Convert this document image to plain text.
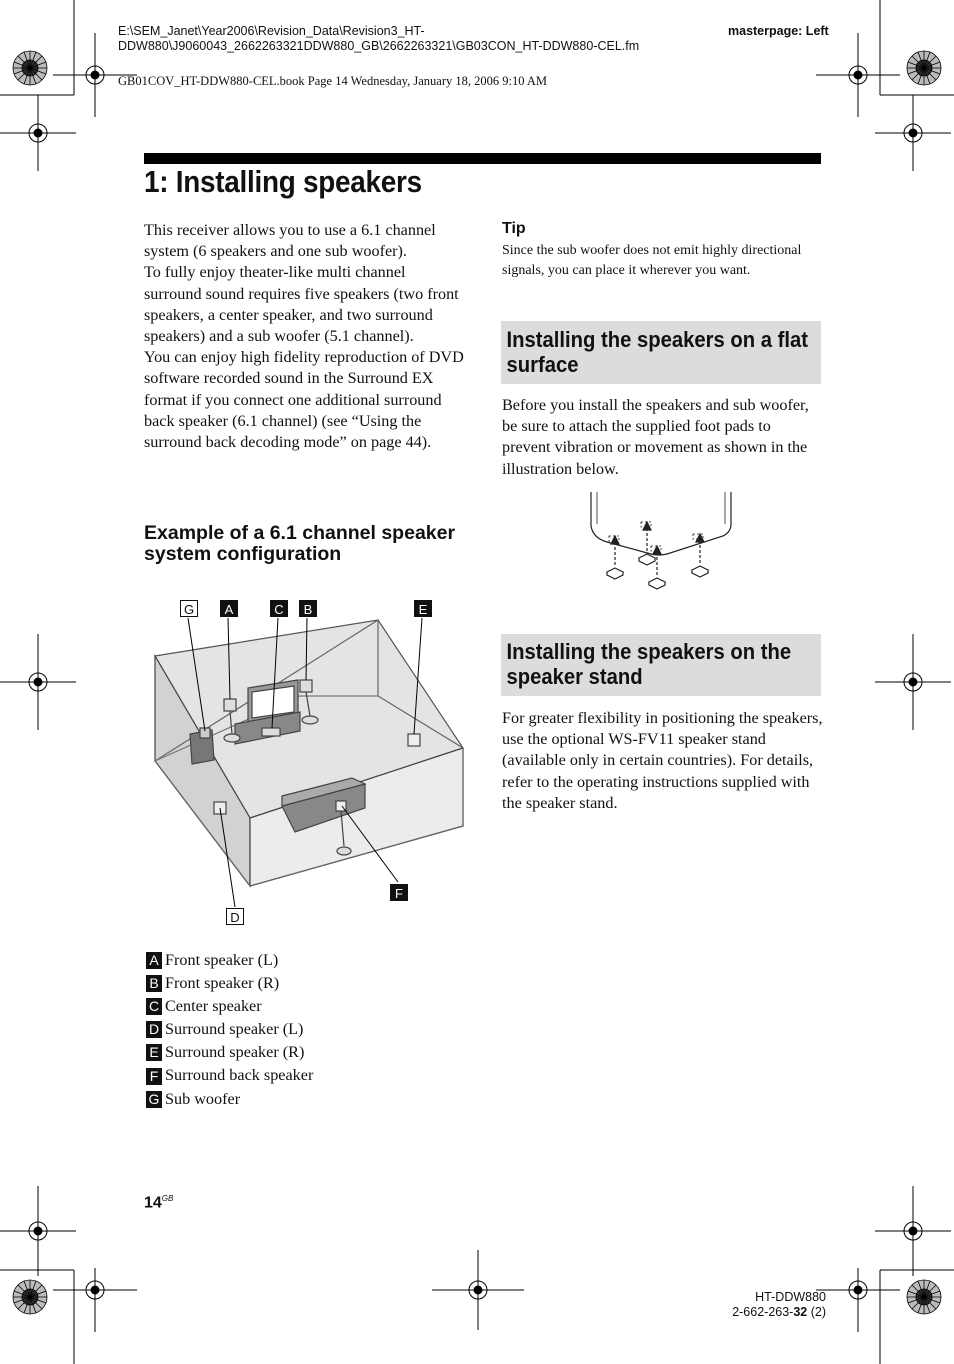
E:\SEM_Janet\Year2006\Revision_Data\Revision3_HT-
DDW880\J9060043_2662263321DDW880_GB\2662263321\GB03CON_HT-DDW880-CEL.fm
masterpage: Left
GB01COV_HT-DDW880-CEL.book Page 14 Wednesday, January 18, 2006 9:10 AM
1: Installing speakers

This receiver allows you to use a 6.1 channel system (6 speakers and one sub woofer).

To fully enjoy theater-like multi channel surround sound requires five speakers (two front speakers, a center speaker, and two surround speakers) and a sub woofer (5.1 channel).

You can enjoy high fidelity reproduction of DVD software recorded sound in the Surround EX format if you connect one additional surround back speaker (6.1 channel) (see “Using the surround back decoding mode” on page 44).

Example of a 6.1 channel speaker system configuration
G	A	C	B	E
F
D
A Front speaker (L)
B Front speaker (R)
C Center speaker
D Surround speaker (L)
E Surround speaker (R)
F Surround back speaker
G Sub woofer
Tip
Since the sub woofer does not emit highly directional signals, you can place it wherever you want.
Installing the speakers on a flat surface
Before you install the speakers and sub woofer, be sure to attach the supplied foot pads to prevent vibration or movement as shown in the illustration below.
Installing the speakers on the speaker stand
For greater flexibility in positioning the speakers, use the optional WS-FV11 speaker stand (available only in certain countries). For details, refer to the operating instructions supplied with the speaker stand.
$14^{GB}$
HT-DDW880
2-662-263-32 (2)
